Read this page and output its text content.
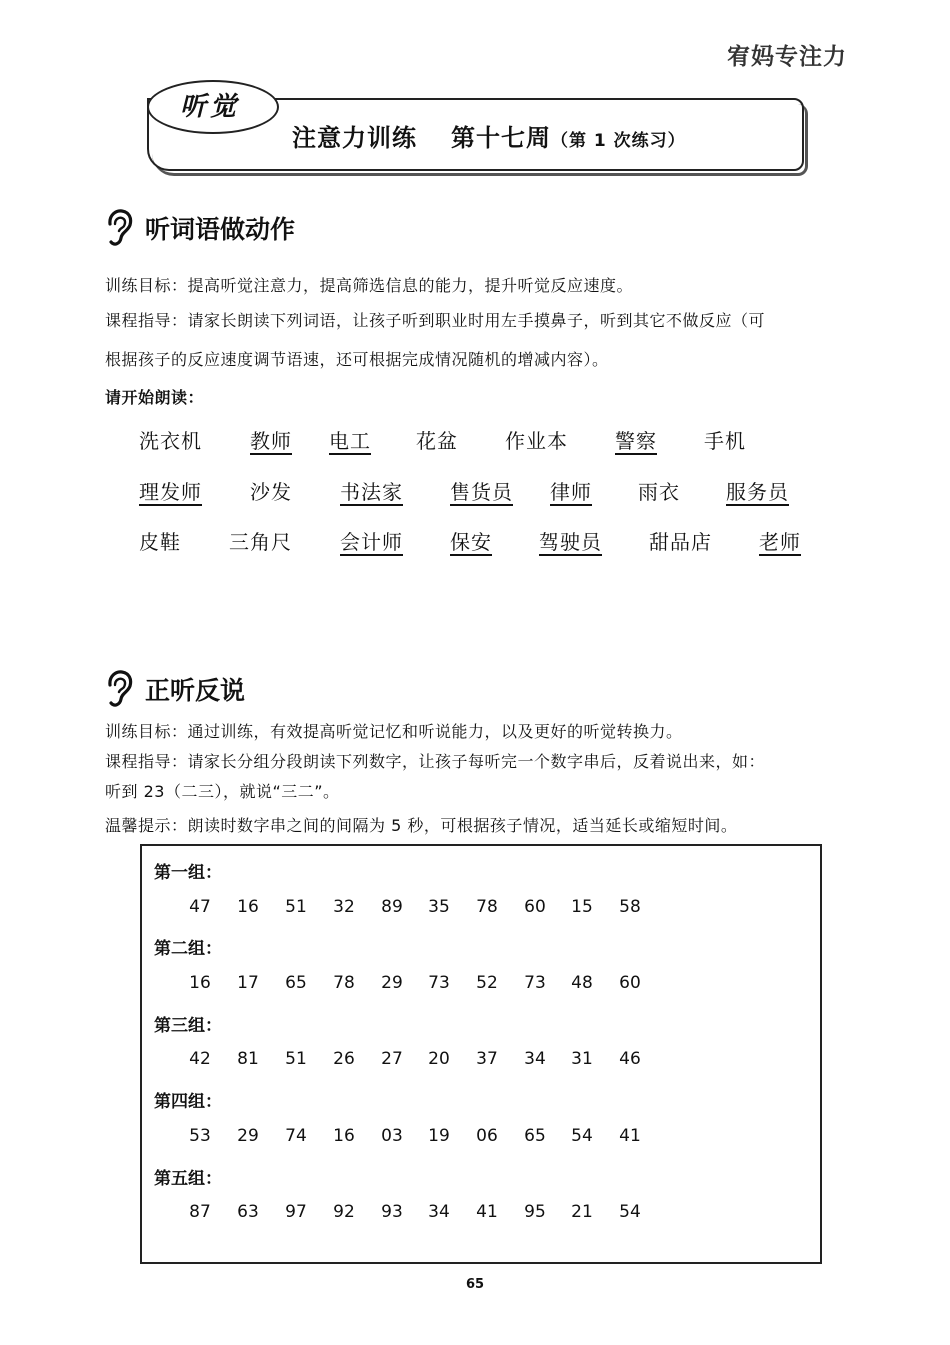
宥妈专注力
听觉
注意力训练 第十七周（第 1 次练习）
听词语做动作
训练目标：提高听觉注意力，提高筛选信息的能力，提升听觉反应速度。
课程指导：请家长朗读下列词语，让孩子听到职业时用左手摸鼻子，听到其它不做反应（可
根据孩子的反应速度调节语速，还可根据完成情况随机的增减内容）。
请开始朗读：
洗衣机 教师 电工 花盆 作业本 警察 手机
理发师 沙发 书法家 售货员 律师 雨衣 服务员
皮鞋 三角尺 会计师 保安 驾驶员 甜品店 老师
正听反说
训练目标：通过训练，有效提高听觉记忆和听说能力，以及更好的听觉转换力。
课程指导：请家长分组分段朗读下列数字，让孩子每听完一个数字串后，反着说出来，如：
听到 23（二三），就说“三二”。
温馨提示：朗读时数字串之间的间隔为 5 秒，可根据孩子情况，适当延长或缩短时间。
第一组：
47	16	51	32	89	35	78	60	15	58
第二组：
16	17	65	78	29	73	52	73	48	60
第三组：
42	81	51	26	27	20	37	34	31	46
第四组：
53	29	74	16	03	19	06	65	54	41
第五组：
87	63	97	92	93	34	41	95	21	54
65
